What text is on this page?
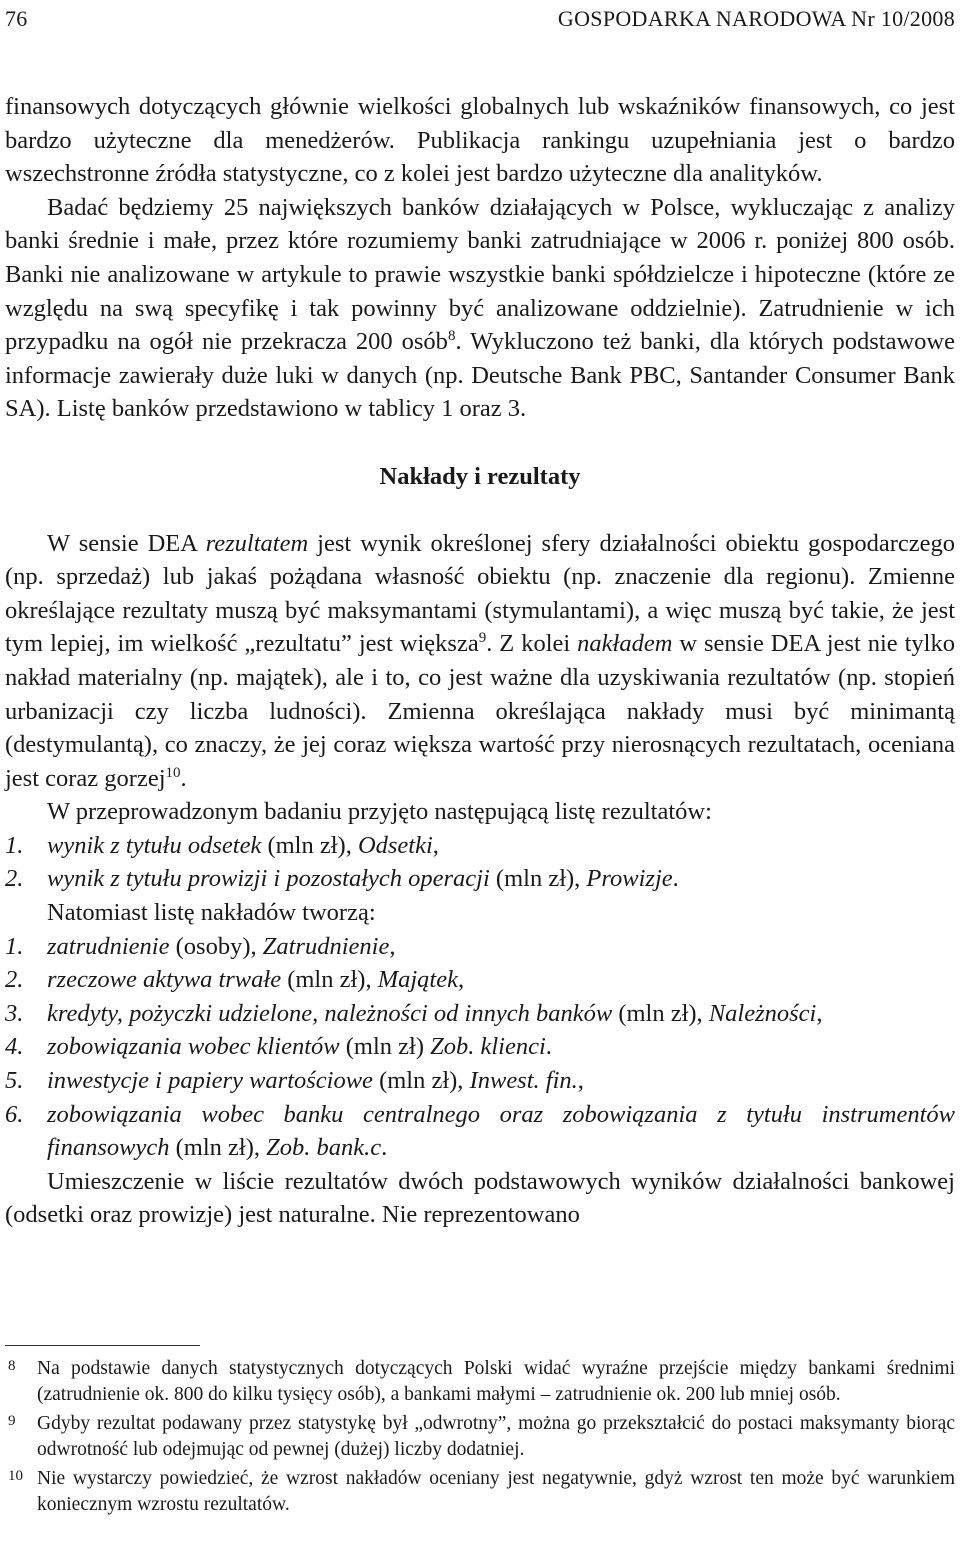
76	GOSPODARKA NARODOWA Nr 10/2008

finansowych dotyczących głównie wielkości globalnych lub wskaźników finansowych, co jest bardzo użyteczne dla menedżerów. Publikacja rankingu uzupełniania jest o bardzo wszechstronne źródła statystyczne, co z kolei jest bardzo użyteczne dla analityków.

Badać będziemy 25 największych banków działających w Polsce, wykluczając z analizy banki średnie i małe, przez które rozumiemy banki zatrudniające w 2006 r. poniżej 800 osób. Banki nie analizowane w artykule to prawie wszystkie banki spółdzielcze i hipoteczne (które ze względu na swą specyfikę i tak powinny być analizowane oddzielnie). Zatrudnienie w ich przypadku na ogół nie przekracza 200 osób$^8$. Wykluczono też banki, dla których podstawowe informacje zawierały duże luki w danych (np. Deutsche Bank PBC, Santander Consumer Bank SA). Listę banków przedstawiono w tablicy 1 oraz 3.

Nakłady i rezultaty

W sensie DEA rezultatem jest wynik określonej sfery działalności obiektu gospodarczego (np. sprzedaż) lub jakaś pożądana własność obiektu (np. znaczenie dla regionu). Zmienne określające rezultaty muszą być maksymantami (stymulantami), a więc muszą być takie, że jest tym lepiej, im wielkość „rezultatu” jest większa$^9$. Z kolei nakładem w sensie DEA jest nie tylko nakład materialny (np. majątek), ale i to, co jest ważne dla uzyskiwania rezultatów (np. stopień urbanizacji czy liczba ludności). Zmienna określająca nakłady musi być minimantą (destymulantą), co znaczy, że jej coraz większa wartość przy nierosnących rezultatach, oceniana jest coraz gorzej$^{10}$.

W przeprowadzonym badaniu przyjęto następującą listę rezultatów:

1. wynik z tytułu odsetek (mln zł), Odsetki,
2. wynik z tytułu prowizji i pozostałych operacji (mln zł), Prowizje.

Natomiast listę nakładów tworzą:

1. zatrudnienie (osoby), Zatrudnienie,
2. rzeczowe aktywa trwałe (mln zł), Majątek,
3. kredyty, pożyczki udzielone, należności od innych banków (mln zł), Należności,
4. zobowiązania wobec klientów (mln zł) Zob. klienci.
5. inwestycje i papiery wartościowe (mln zł), Inwest. fin.,
6. zobowiązania wobec banku centralnego oraz zobowiązania z tytułu instrumentów finansowych (mln zł), Zob. bank.c.

Umieszczenie w liście rezultatów dwóch podstawowych wyników działalności bankowej (odsetki oraz prowizje) jest naturalne. Nie reprezentowano

8 Na podstawie danych statystycznych dotyczących Polski widać wyraźne przejście między bankami średnimi (zatrudnienie ok. 800 do kilku tysięcy osób), a bankami małymi – zatrudnienie ok. 200 lub mniej osób.

9 Gdyby rezultat podawany przez statystykę był „odwrotny”, można go przekształcić do postaci maksymanty biorąc odwrotność lub odejmując od pewnej (dużej) liczby dodatniej.

10 Nie wystarczy powiedzieć, że wzrost nakładów oceniany jest negatywnie, gdyż wzrost ten może być warunkiem koniecznym wzrostu rezultatów.
